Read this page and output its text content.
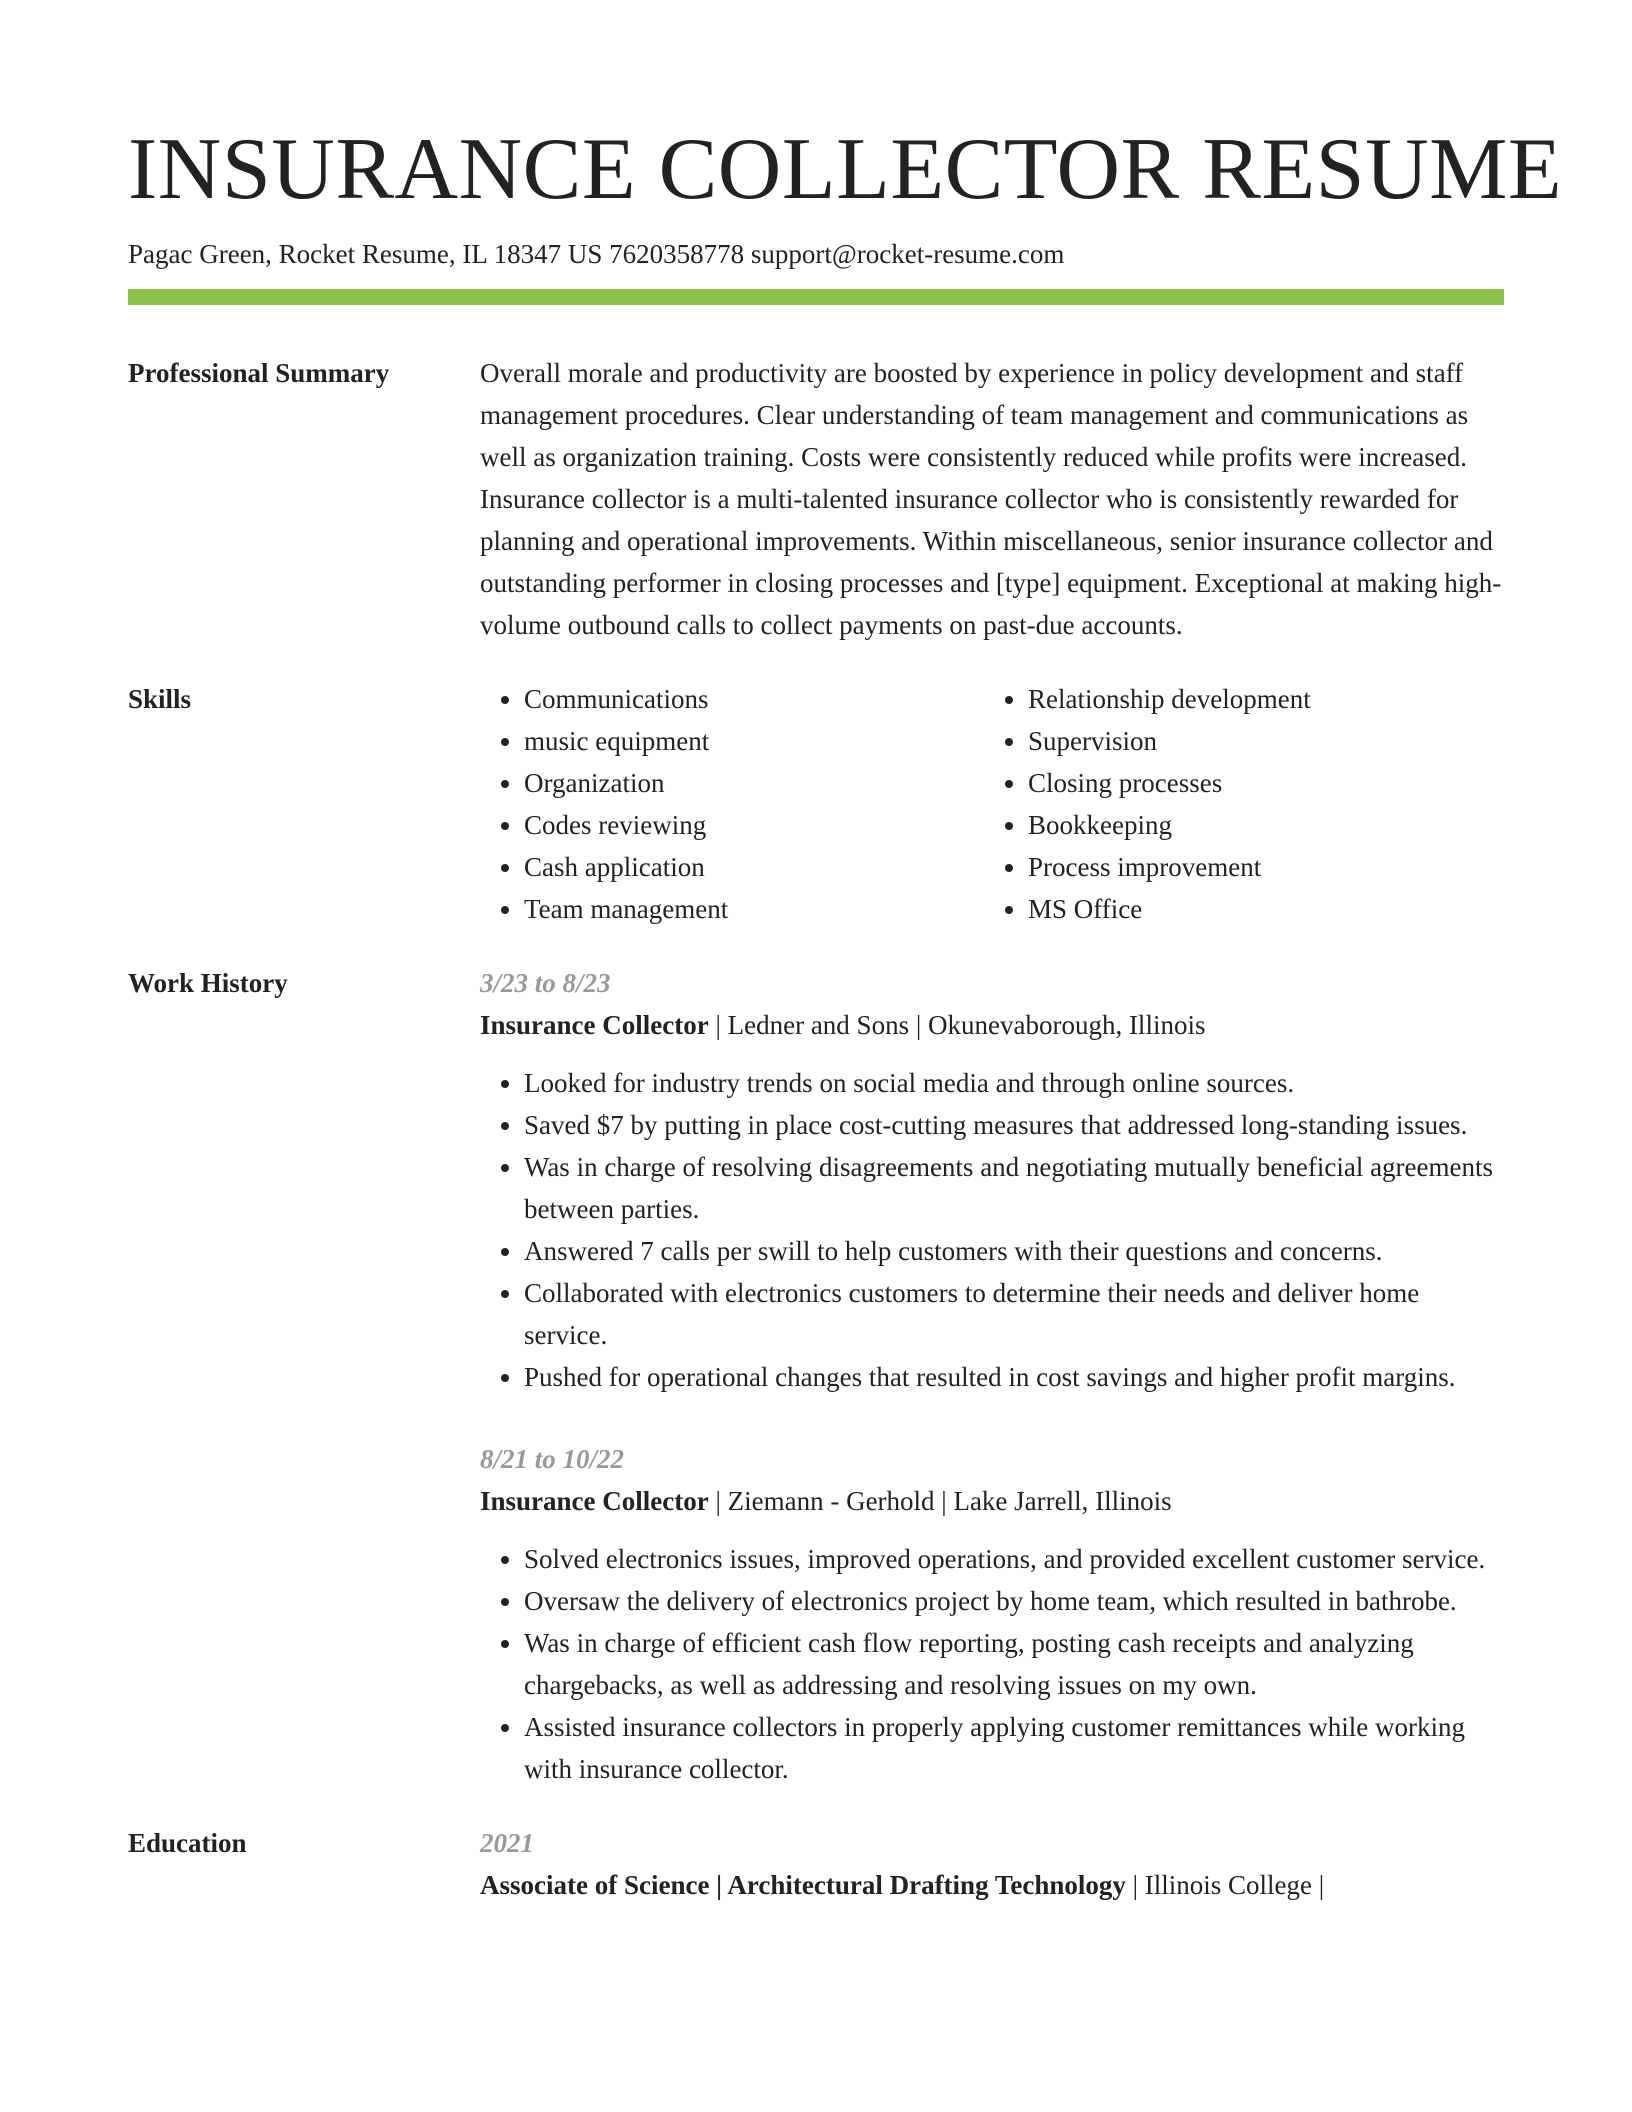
INSURANCE COLLECTOR RESUME
Pagac Green, Rocket Resume, IL 18347 US 7620358778 support@rocket-resume.com
Professional Summary	Overall morale and productivity are boosted by experience in policy development and staff management procedures. Clear understanding of team management and communications as well as organization training. Costs were consistently reduced while profits were increased. Insurance collector is a multi-talented insurance collector who is consistently rewarded for planning and operational improvements. Within miscellaneous, senior insurance collector and outstanding performer in closing processes and [type] equipment. Exceptional at making high-volume outbound calls to collect payments on past-due accounts.
Skills
•	Communications
• music equipment
• Organization
• Codes reviewing
• Cash application
• Team management
• Relationship development
• Supervision
• Closing processes
• Bookkeeping
• Process improvement
• MS Office
Work History	3/23 to 8/23
Insurance Collector | Ledner and Sons | Okunevaborough, Illinois
• Looked for industry trends on social media and through online sources.
• Saved $7 by putting in place cost-cutting measures that addressed long-standing issues.
• Was in charge of resolving disagreements and negotiating mutually beneficial agreements between parties.
• Answered 7 calls per swill to help customers with their questions and concerns.
• Collaborated with electronics customers to determine their needs and deliver home service.
• Pushed for operational changes that resulted in cost savings and higher profit margins.
8/21 to 10/22
Insurance Collector | Ziemann - Gerhold | Lake Jarrell, Illinois
• Solved electronics issues, improved operations, and provided excellent customer service.
• Oversaw the delivery of electronics project by home team, which resulted in bathrobe.
• Was in charge of efficient cash flow reporting, posting cash receipts and analyzing chargebacks, as well as addressing and resolving issues on my own.
• Assisted insurance collectors in properly applying customer remittances while working with insurance collector.
Education	2021
Associate of Science | Architectural Drafting Technology | Illinois College |
